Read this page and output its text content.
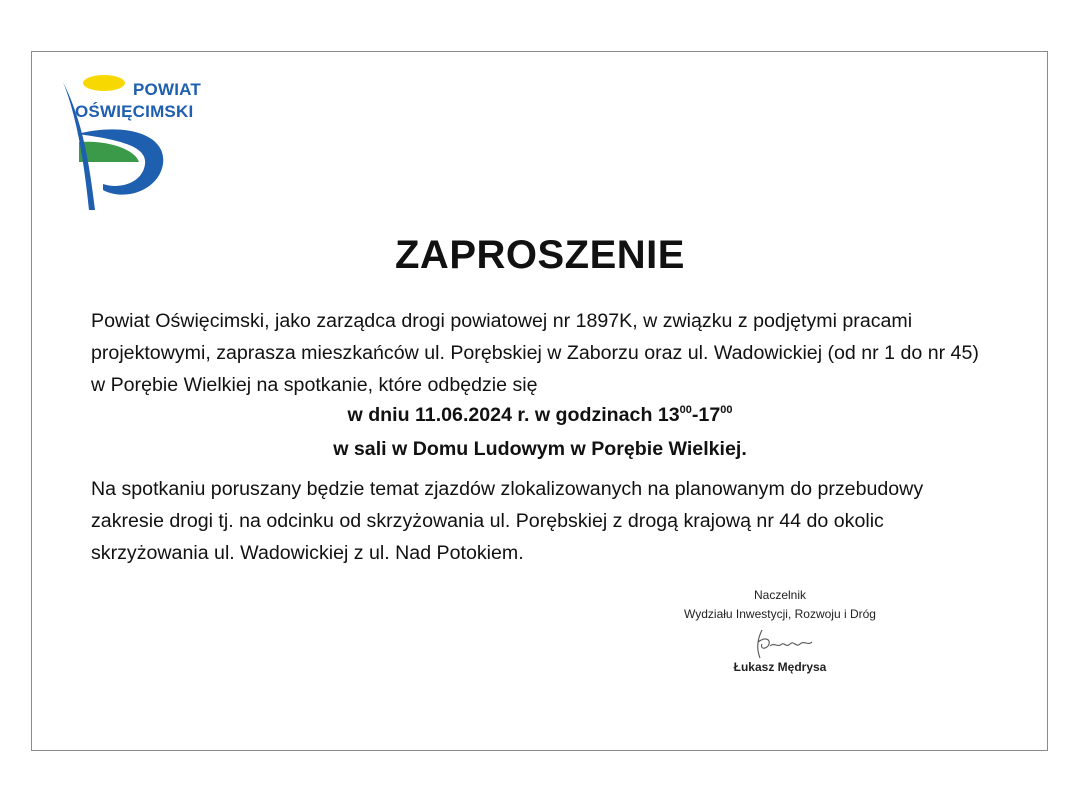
POWIAT
OŚWIĘCIMSKI
ZAPROSZENIE
Powiat Oświęcimski, jako zarządca drogi powiatowej nr 1897K, w związku z podjętymi pracami projektowymi, zaprasza mieszkańców ul. Porębskiej w Zaborzu oraz ul. Wadowickiej (od nr 1 do nr 45) w Porębie Wielkiej na spotkanie, które odbędzie się
w dniu 11.06.2024 r. w godzinach $13^{00}-17^{00}$
w sali w Domu Ludowym w Porębie Wielkiej.
Na spotkaniu poruszany będzie temat zjazdów zlokalizowanych na planowanym do przebudowy zakresie drogi tj. na odcinku od skrzyżowania ul. Porębskiej z drogą krajową nr 44 do okolic skrzyżowania ul. Wadowickiej z ul. Nad Potokiem.
Naczelnik
Wydziału Inwestycji, Rozwoju i Dróg
Łukasz Mędrysa
